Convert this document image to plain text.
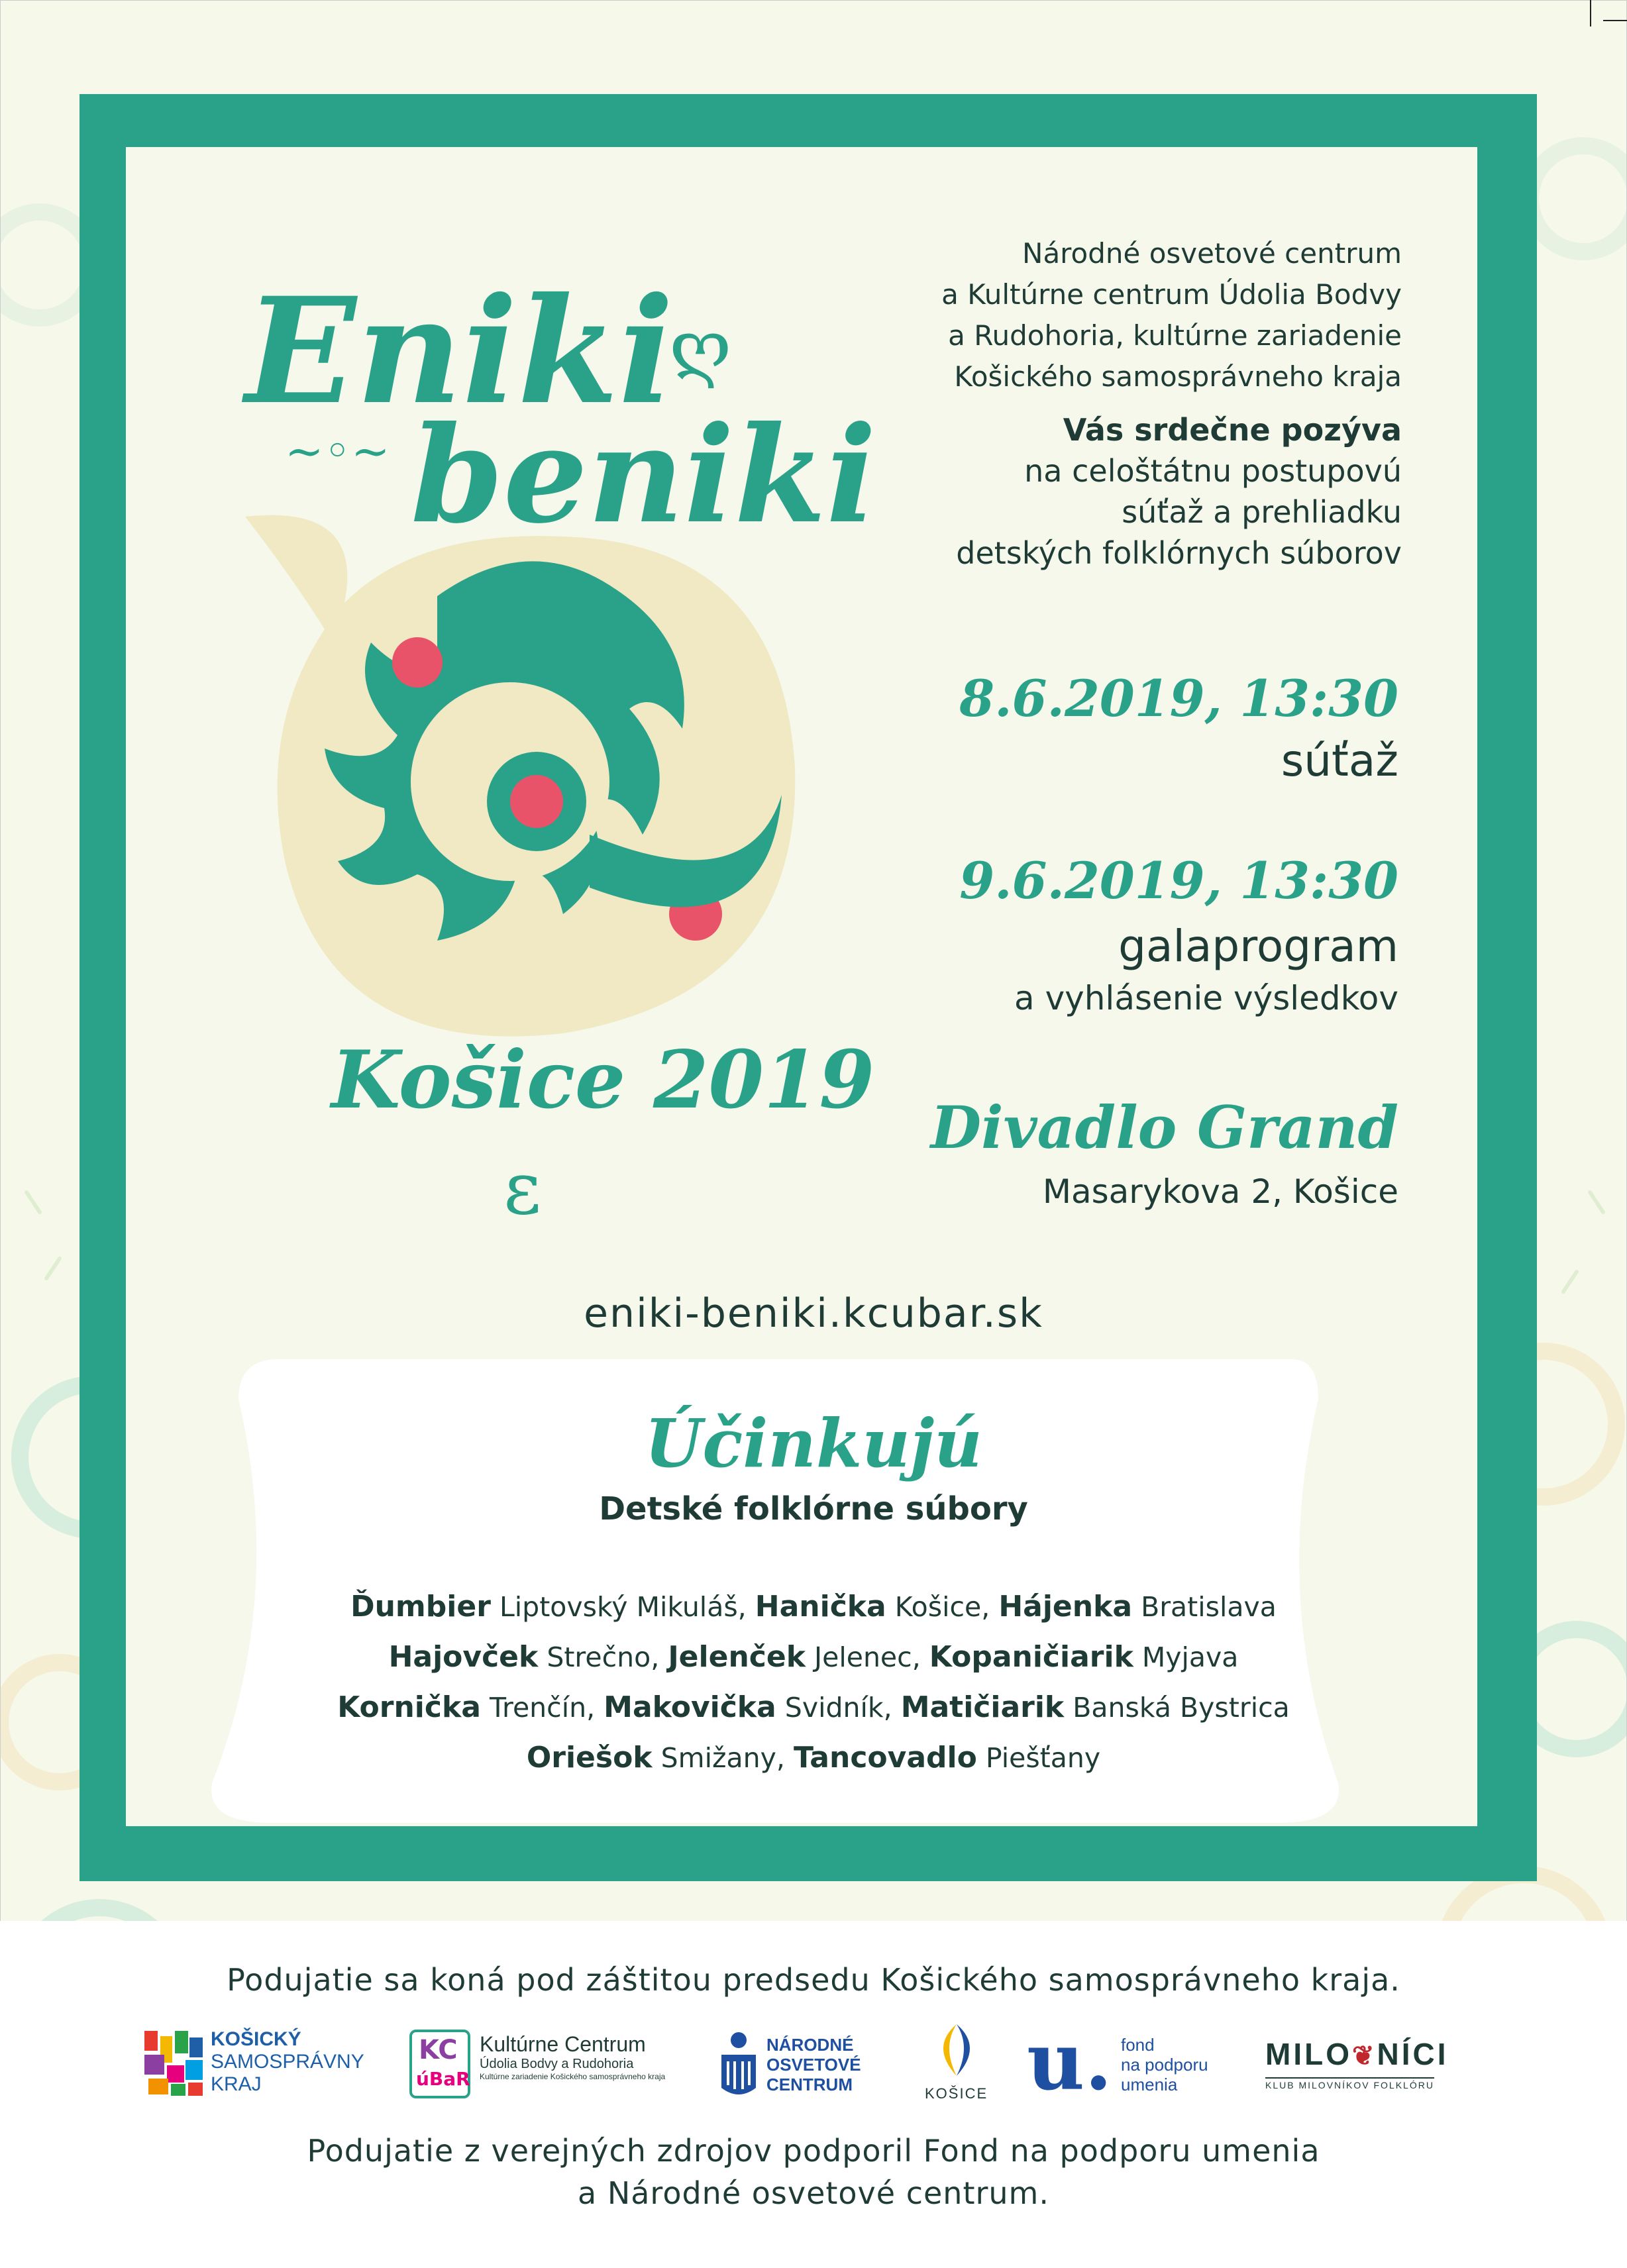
Eniki
ღ
~◦~ beniki
Košice 2019
ɛ
Národné osvetové centrum
a Kultúrne centrum Údolia Bodvy
a Rudohoria, kultúrne zariadenie
Košického samosprávneho kraja
Vás srdečne pozýva
na celoštátnu postupovú
súťaž a prehliadku
detských folklórnych súborov
8.6.2019, 13:30
súťaž
9.6.2019, 13:30
galaprogram
a vyhlásenie výsledkov
Divadlo Grand
Masarykova 2, Košice
eniki-beniki.kcubar.sk
Účinkujú
Detské folklórne súbory
Ďumbier Liptovský Mikuláš, Hanička Košice, Hájenka Bratislava
Hajovček Strečno, Jelenček Jelenec, Kopaničiarik Myjava
Kornička Trenčín, Makovička Svidník, Matičiarik Banská Bystrica
Oriešok Smižany, Tancovadlo Piešťany
Podujatie sa koná pod záštitou predsedu Košického samosprávneho kraja.
KOŠICKÝ
SAMOSPRÁVNY
KRAJ
KC
úBaR
Kultúrne Centrum
Údolia Bodvy a Rudohoria
Kultúrne zariadenie Košického samosprávneho kraja
NÁRODNÉ
OSVETOVÉ
CENTRUM	KOŠICE u. fond
na podporu
umenia
MILO❦NÍCI
KLUB MILOVNÍKOV FOLKLÓRU
Podujatie z verejných zdrojov podporil Fond na podporu umenia
a Národné osvetové centrum.
